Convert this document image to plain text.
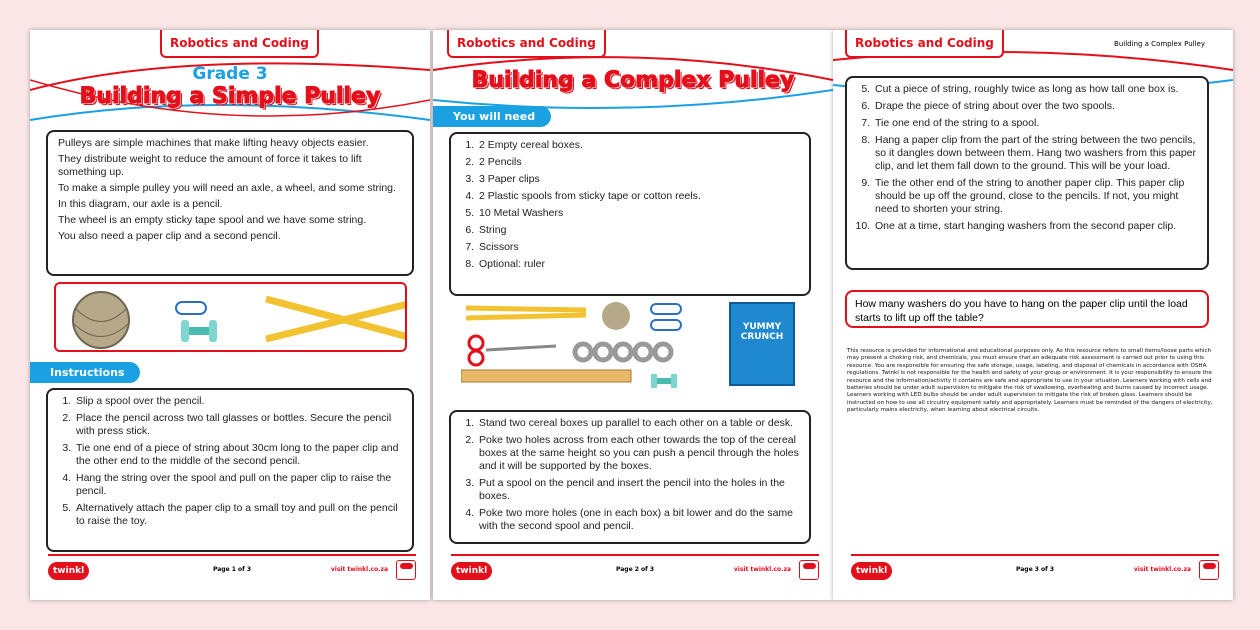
Robotics and Coding
Grade 3
Building a Simple Pulley

Pulleys are simple machines that make lifting heavy objects easier.

They distribute weight to reduce the amount of force it takes to lift something up.

To make a simple pulley you will need an axle, a wheel, and some string.

In this diagram, our axle is a pencil.

The wheel is an empty sticky tape spool and we have some string.

You also need a paper clip and a second pencil.

Instructions
1. Slip a spool over the pencil.
2. Place the pencil across two tall glasses or bottles. Secure the pencil with press stick.
3. Tie one end of a piece of string about 30cm long to the paper clip and the other end to the middle of the second pencil.
4. Hang the string over the spool and pull on the paper clip to raise the pencil.
5. Alternatively attach the paper clip to a small toy and pull on the pencil to raise the toy.
twinkl	Page 1 of 3	visit twinkl.co.za
Robotics and Coding
Building a Complex Pulley
You will need
1. 2 Empty cereal boxes.
2. 2 Pencils
3. 3 Paper clips
4. 2 Plastic spools from sticky tape or cotton reels.
5. 10 Metal Washers
6. String
7. Scissors
8. Optional: ruler
YUMMY CRUNCH
1. Stand two cereal boxes up parallel to each other on a table or desk.
2. Poke two holes across from each other towards the top of the cereal boxes at the same height so you can push a pencil through the holes and it will be supported by the boxes.
3. Put a spool on the pencil and insert the pencil into the holes in the boxes.
4. Poke two more holes (one in each box) a bit lower and do the same with the second spool and pencil.
twinkl	Page 2 of 3	visit twinkl.co.za
Robotics and Coding	Building a Complex Pulley
5. Cut a piece of string, roughly twice as long as how tall one box is.
6. Drape the piece of string about over the two spools.
7. Tie one end of the string to a spool.
8. Hang a paper clip from the part of the string between the two pencils, so it dangles down between them. Hang two washers from this paper clip, and let them fall down to the ground. This will be your load.
9. Tie the other end of the string to another paper clip. This paper clip should be up off the ground, close to the pencils. If not, you might need to shorten your string.
10. One at a time, start hanging washers from the second paper clip.
How many washers do you have to hang on the paper clip until the load starts to lift up off the table?
This resource is provided for informational and educational purposes only. As this resource refers to small items/loose parts which may present a choking risk, and chemicals, you must ensure that an adequate risk assessment is carried out prior to using this resource. You are responsible for ensuring the safe storage, usage, labeling, and disposal of chemicals in accordance with OSHA regulations. Twinkl is not responsible for the health and safety of your group or environment. It is your responsibility to ensure the resource and the information/activity it contains are safe and appropriate to use in your situation. Learners working with cells and batteries should be under adult supervision to mitigate the risk of swallowing, overheating and burns caused by incorrect usage. Learners working with LED bulbs should be under adult supervision to mitigate the risk of broken glass. Learners should be instructed on how to use all circuitry equipment safely and appropriately. Learners must be reminded of the dangers of electricity, particularly mains electricity, when learning about electrical circuits.
twinkl	Page 3 of 3	visit twinkl.co.za
